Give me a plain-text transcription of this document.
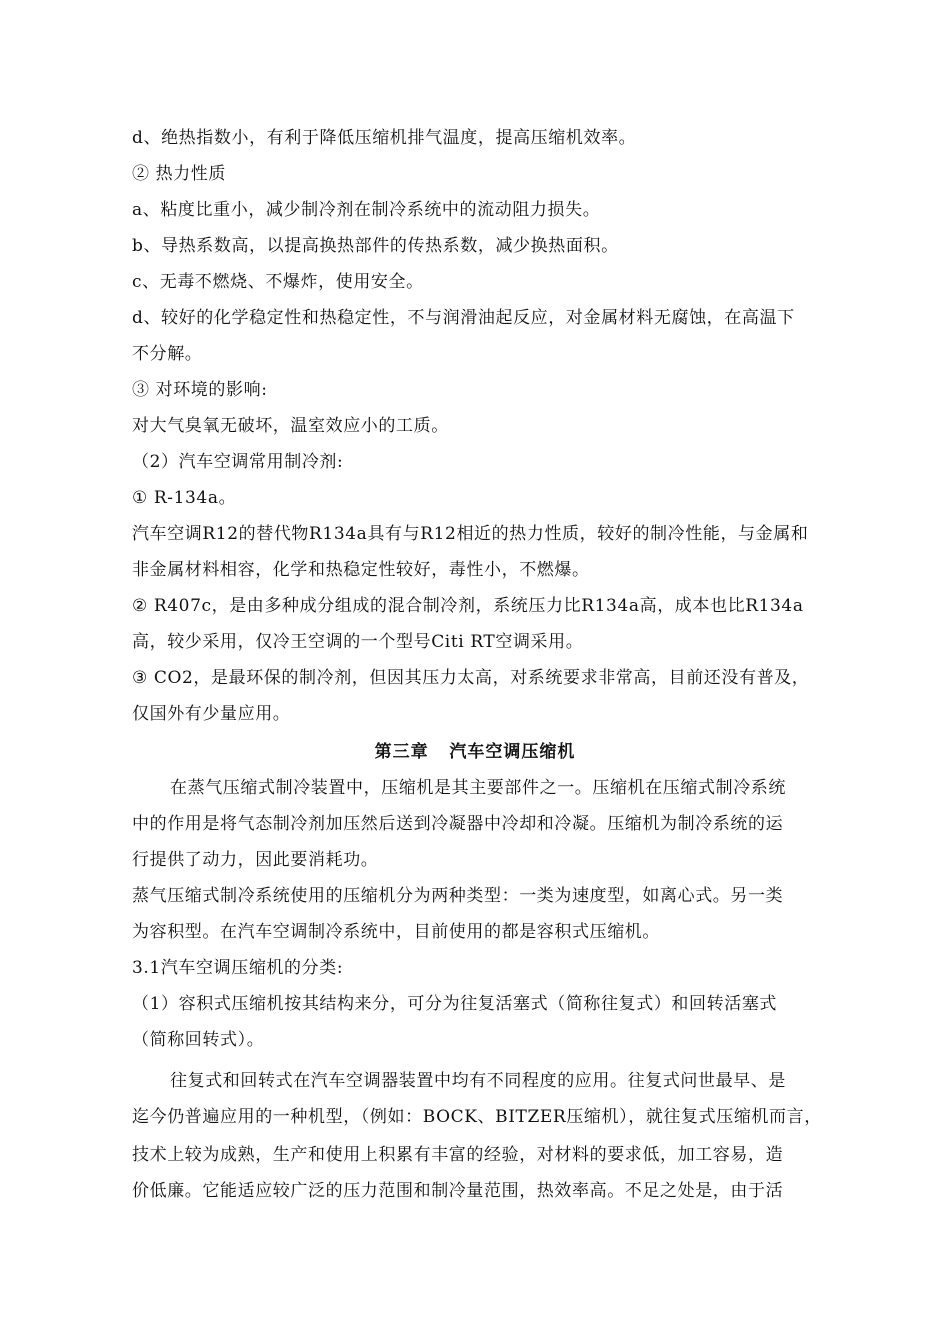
d、绝热指数小，有利于降低压缩机排气温度，提高压缩机效率。
② 热力性质
a、粘度比重小，减少制冷剂在制冷系统中的流动阻力损失。
b、导热系数高，以提高换热部件的传热系数，减少换热面积。
c、无毒不燃烧、不爆炸，使用安全。
d、较好的化学稳定性和热稳定性，不与润滑油起反应，对金属材料无腐蚀，在高温下
不分解。
③ 对环境的影响:
对大气臭氧无破坏，温室效应小的工质。
（2）汽车空调常用制冷剂:
① R-134a。
汽车空调R12的替代物R134a具有与R12相近的热力性质，较好的制冷性能，与金属和
非金属材料相容，化学和热稳定性较好，毒性小，不燃爆。
② R407c，是由多种成分组成的混合制冷剂，系统压力比R134a高，成本也比R134a
高，较少采用，仅冷王空调的一个型号Citi RT空调采用。
③ CO2，是最环保的制冷剂，但因其压力太高，对系统要求非常高，目前还没有普及，
仅国外有少量应用。
第三章   汽车空调压缩机
在蒸气压缩式制冷装置中，压缩机是其主要部件之一。压缩机在压缩式制冷系统
中的作用是将气态制冷剂加压然后送到冷凝器中冷却和冷凝。压缩机为制冷系统的运
行提供了动力，因此要消耗功。
蒸气压缩式制冷系统使用的压缩机分为两种类型：一类为速度型，如离心式。另一类
为容积型。在汽车空调制冷系统中，目前使用的都是容积式压缩机。
3.1汽车空调压缩机的分类:
（1）容积式压缩机按其结构来分，可分为往复活塞式（简称往复式）和回转活塞式
（简称回转式）。
往复式和回转式在汽车空调器装置中均有不同程度的应用。往复式问世最早、是
迄今仍普遍应用的一种机型，（例如：BOCK、BITZER压缩机），就往复式压缩机而言，
技术上较为成熟，生产和使用上积累有丰富的经验，对材料的要求低，加工容易，造
价低廉。它能适应较广泛的压力范围和制冷量范围，热效率高。不足之处是，由于活
